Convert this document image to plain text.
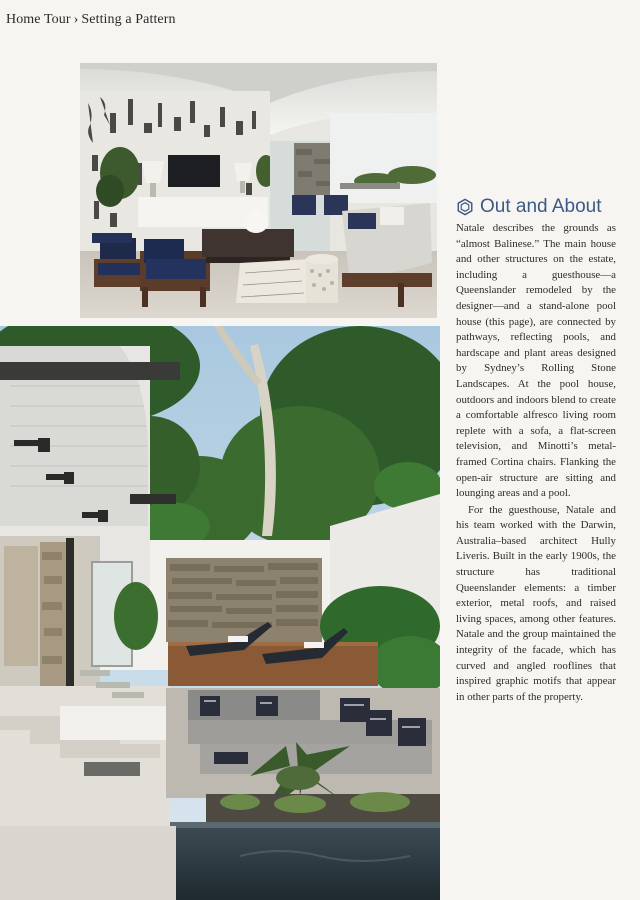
Home Tour › Setting a Pattern
Out and About

Natale describes the grounds as “almost Balinese.” The main house and other structures on the estate, including a guesthouse—a Queenslander remodeled by the designer—and a stand-alone pool house (this page), are connected by pathways, reflecting pools, and hardscape and plant areas designed by Sydney’s Rolling Stone Landscapes. At the pool house, outdoors and indoors blend to create a comfortable alfresco living room replete with a sofa, a flat-screen television, and Minotti’s metal-framed Cortina chairs. Flanking the open-air structure are sitting and lounging areas and a pool.

For the guesthouse, Natale and his team worked with the Darwin, Australia–based architect Hully Liveris. Built in the early 1900s, the structure has traditional Queenslander elements: a timber exterior, metal roofs, and raised living spaces, among other features. Natale and the group maintained the integrity of the facade, which has curved and angled rooflines that inspired graphic motifs that appear in other parts of the property.
